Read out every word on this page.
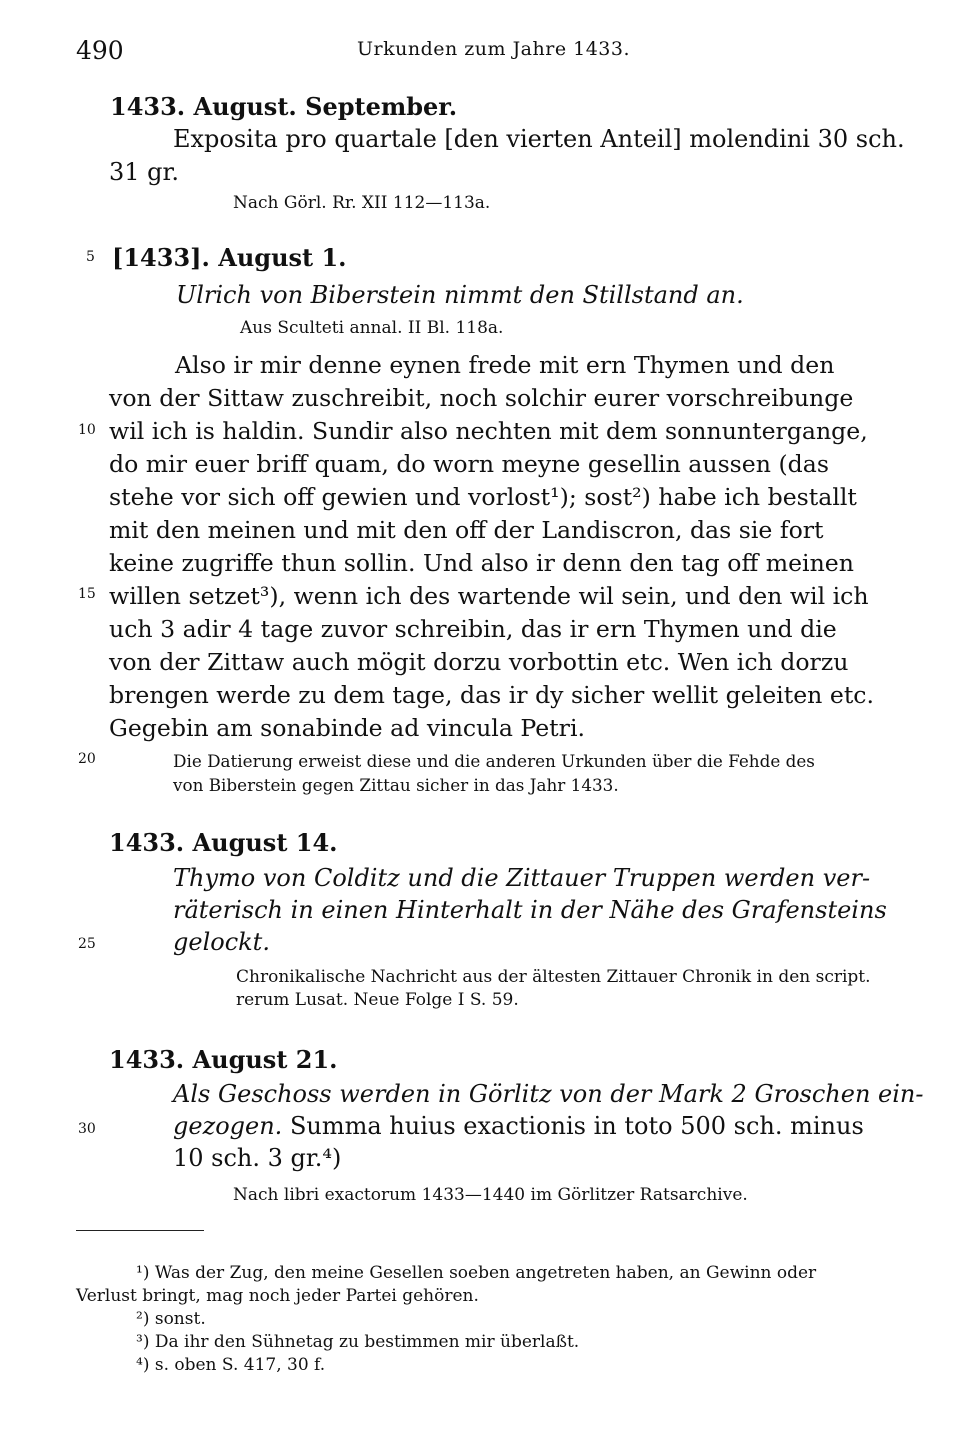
490	Urkunden zum Jahre 1433.
1433. August. September.
Exposita pro quartale [den vierten Anteil] molendini 30 sch.
31 gr.
Nach Görl. Rr. XII 112—113a.
[1433]. August 1.
Ulrich von Biberstein nimmt den Stillstand an.
Aus Sculteti annal. II Bl. 118a.
Also ir mir denne eynen frede mit ern Thymen und den
von der Sittaw zuschreibit, noch solchir eurer vorschreibunge
wil ich is haldin. Sundir also nechten mit dem sonnuntergange,
do mir euer briff quam, do worn meyne gesellin aussen (das
stehe vor sich off gewien und vorlost¹); sost²) habe ich bestallt
mit den meinen und mit den off der Landiscron, das sie fort
keine zugriffe thun sollin. Und also ir denn den tag off meinen
willen setzet³), wenn ich des wartende wil sein, und den wil ich
uch 3 adir 4 tage zuvor schreibin, das ir ern Thymen und die
von der Zittaw auch mögit dorzu vorbottin etc. Wen ich dorzu
brengen werde zu dem tage, das ir dy sicher wellit geleiten etc.
Gegebin am sonabinde ad vincula Petri.
Die Datierung erweist diese und die anderen Urkunden über die Fehde des
von Biberstein gegen Zittau sicher in das Jahr 1433.
1433. August 14.
Thymo von Colditz und die Zittauer Truppen werden ver-
räterisch in einen Hinterhalt in der Nähe des Grafensteins
gelockt.
Chronikalische Nachricht aus der ältesten Zittauer Chronik in den script.
rerum Lusat. Neue Folge I S. 59.
1433. August 21.
Als Geschoss werden in Görlitz von der Mark 2 Groschen ein-
gezogen. Summa huius exactionis in toto 500 sch. minus
10 sch. 3 gr.⁴)
Nach libri exactorum 1433—1440 im Görlitzer Ratsarchive.
5
10
15
20
25
30
¹) Was der Zug, den meine Gesellen soeben angetreten haben, an Gewinn oder
Verlust bringt, mag noch jeder Partei gehören.
²) sonst.
³) Da ihr den Sühnetag zu bestimmen mir überlaßt.
⁴) s. oben S. 417, 30 f.
